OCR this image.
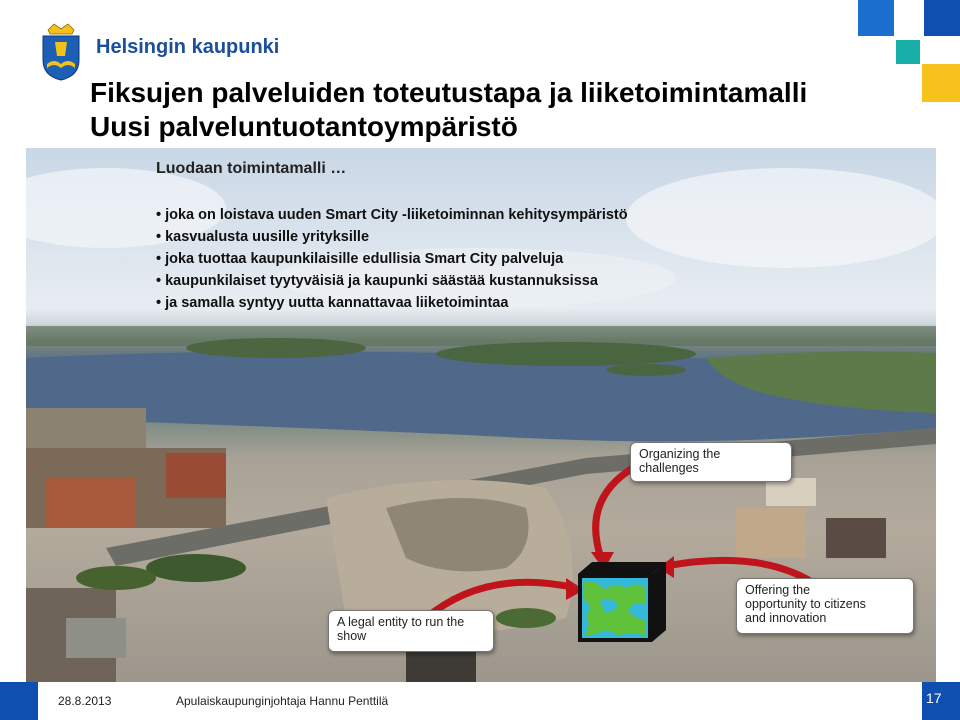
Helsingin kaupunki
Fiksujen palveluiden toteutustapa ja liiketoimintamalli
Uusi palveluntuotantoympäristö
Luodaan toimintamalli …
• joka on loistava uuden Smart City -liiketoiminnan kehitysympäristö
• kasvualusta uusille yrityksille
• joka tuottaa kaupunkilaisille edullisia Smart City palveluja
• kaupunkilaiset tyytyväisiä ja kaupunki säästää kustannuksissa
• ja samalla syntyy uutta kannattavaa liiketoimintaa
Organizing the
challenges
Offering the
opportunity to citizens
and innovation
A legal entity to run the
show
28.8.2013	Apulaiskaupunginjohtaja Hannu Penttilä	17
